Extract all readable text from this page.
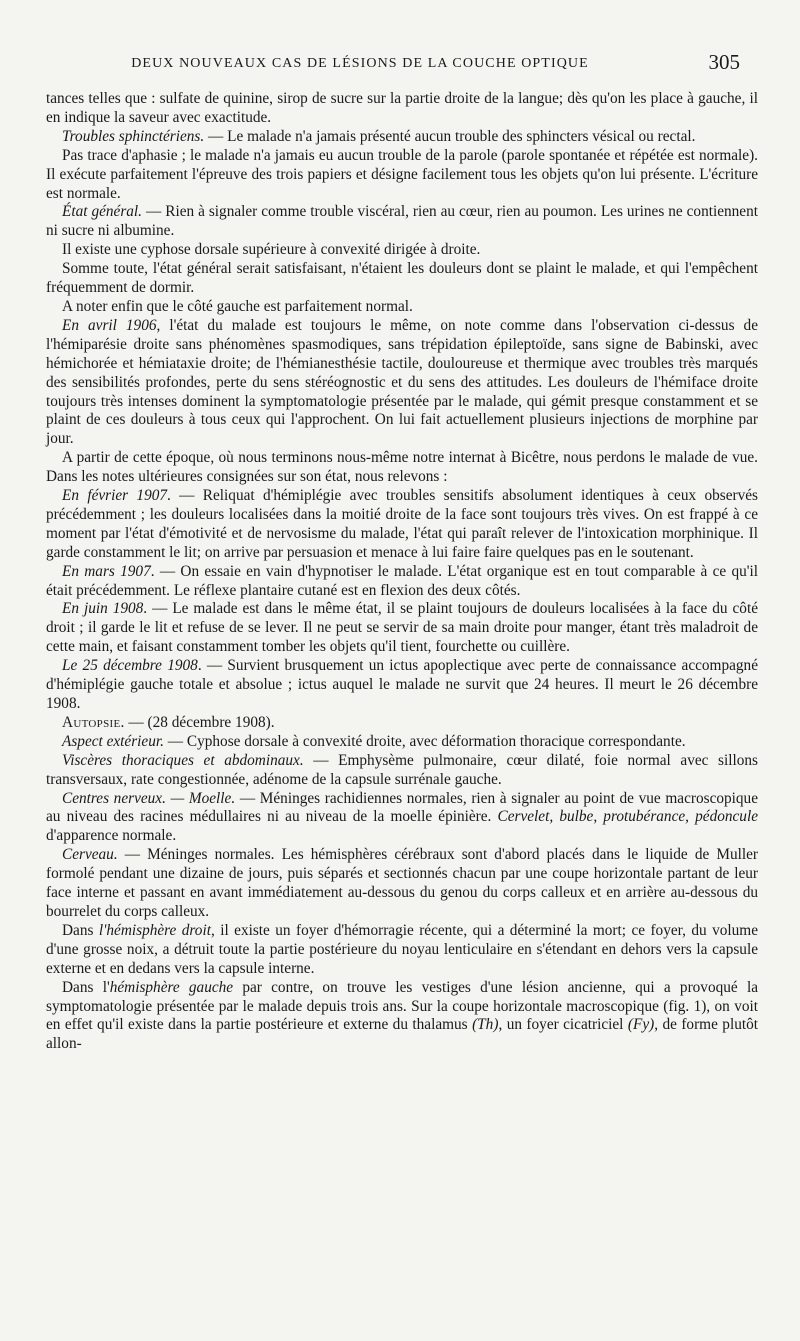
DEUX NOUVEAUX CAS DE LÉSIONS DE LA COUCHE OPTIQUE	305

tances telles que : sulfate de quinine, sirop de sucre sur la partie droite de la langue; dès qu'on les place à gauche, il en indique la saveur avec exactitude.

Troubles sphinctériens. — Le malade n'a jamais présenté aucun trouble des sphincters vésical ou rectal.

Pas trace d'aphasie ; le malade n'a jamais eu aucun trouble de la parole (parole spontanée et répétée est normale). Il exécute parfaitement l'épreuve des trois papiers et désigne facilement tous les objets qu'on lui présente. L'écriture est normale.

État général. — Rien à signaler comme trouble viscéral, rien au cœur, rien au poumon. Les urines ne contiennent ni sucre ni albumine.

Il existe une cyphose dorsale supérieure à convexité dirigée à droite.

Somme toute, l'état général serait satisfaisant, n'étaient les douleurs dont se plaint le malade, et qui l'empêchent fréquemment de dormir.

A noter enfin que le côté gauche est parfaitement normal.

En avril 1906, l'état du malade est toujours le même, on note comme dans l'observation ci-dessus de l'hémiparésie droite sans phénomènes spasmodiques, sans trépidation épileptoïde, sans signe de Babinski, avec hémichorée et hémiataxie droite; de l'hémianesthésie tactile, douloureuse et thermique avec troubles très marqués des sensibilités profondes, perte du sens stéréognostic et du sens des attitudes. Les douleurs de l'hémiface droite toujours très intenses dominent la symptomatologie présentée par le malade, qui gémit presque constamment et se plaint de ces douleurs à tous ceux qui l'approchent. On lui fait actuellement plusieurs injections de morphine par jour.

A partir de cette époque, où nous terminons nous-même notre internat à Bicêtre, nous perdons le malade de vue. Dans les notes ultérieures consignées sur son état, nous relevons :

En février 1907. — Reliquat d'hémiplégie avec troubles sensitifs absolument identiques à ceux observés précédemment ; les douleurs localisées dans la moitié droite de la face sont toujours très vives. On est frappé à ce moment par l'état d'émotivité et de nervosisme du malade, l'état qui paraît relever de l'intoxication morphinique. Il garde constamment le lit; on arrive par persuasion et menace à lui faire faire quelques pas en le soutenant.

En mars 1907. — On essaie en vain d'hypnotiser le malade. L'état organique est en tout comparable à ce qu'il était précédemment. Le réflexe plantaire cutané est en flexion des deux côtés.

En juin 1908. — Le malade est dans le même état, il se plaint toujours de douleurs localisées à la face du côté droit ; il garde le lit et refuse de se lever. Il ne peut se servir de sa main droite pour manger, étant très maladroit de cette main, et faisant constamment tomber les objets qu'il tient, fourchette ou cuillère.

Le 25 décembre 1908. — Survient brusquement un ictus apoplectique avec perte de connaissance accompagné d'hémiplégie gauche totale et absolue ; ictus auquel le malade ne survit que 24 heures. Il meurt le 26 décembre 1908.

Autopsie. — (28 décembre 1908).

Aspect extérieur. — Cyphose dorsale à convexité droite, avec déformation thoracique correspondante.

Viscères thoraciques et abdominaux. — Emphysème pulmonaire, cœur dilaté, foie normal avec sillons transversaux, rate congestionnée, adénome de la capsule surrénale gauche.

Centres nerveux. — Moelle. — Méninges rachidiennes normales, rien à signaler au point de vue macroscopique au niveau des racines médullaires ni au niveau de la moelle épinière. Cervelet, bulbe, protubérance, pédoncule d'apparence normale.

Cerveau. — Méninges normales. Les hémisphères cérébraux sont d'abord placés dans le liquide de Muller formolé pendant une dizaine de jours, puis séparés et sectionnés chacun par une coupe horizontale partant de leur face interne et passant en avant immédiatement au-dessous du genou du corps calleux et en arrière au-dessous du bourrelet du corps calleux.

Dans l'hémisphère droit, il existe un foyer d'hémorragie récente, qui a déterminé la mort; ce foyer, du volume d'une grosse noix, a détruit toute la partie postérieure du noyau lenticulaire en s'étendant en dehors vers la capsule externe et en dedans vers la capsule interne.

Dans l'hémisphère gauche par contre, on trouve les vestiges d'une lésion ancienne, qui a provoqué la symptomatologie présentée par le malade depuis trois ans. Sur la coupe horizontale macroscopique (fig. 1), on voit en effet qu'il existe dans la partie postérieure et externe du thalamus (Th), un foyer cicatriciel (Fy), de forme plutôt allon-
